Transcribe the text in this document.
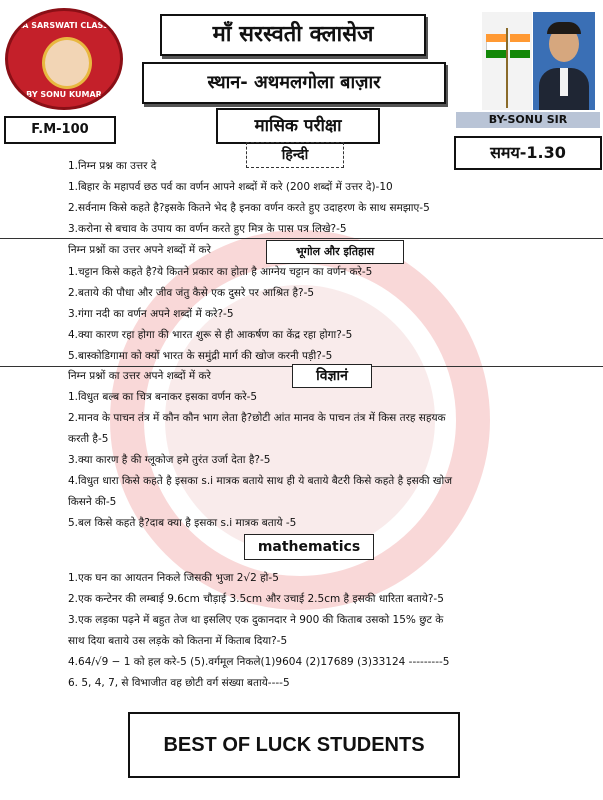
MAA SARSWATI CLASSES
BY SONU KUMAR
माँ सरस्वती क्लासेज
स्थान- अथमलगोला बाज़ार
F.M-100	मासिक परीक्षा	BY-SONU SIR
समय-1.30
हिन्दी
1.निम्न प्रश्न का उत्तर दे
1.बिहार के महापर्व छठ पर्व का वर्णन आपने शब्दों में करे (200 शब्दों में उत्तर दे)-10
2.सर्वनाम किसे कहते है?इसके कितने भेद है इनका वर्णन करते हुए उदाहरण के साथ समझाए-5
3.करोना से बचाव के उपाय का वर्णन करते हुए मित्र के पास पत्र लिखे?-5
निम्न प्रश्नों का उत्तर अपने शब्दों में करे	भूगोल और इतिहास
1.चट्टान किसे कहते है?ये कितने प्रकार का होता है आग्नेय चट्टान का वर्णन करे-5
2.बताये की पौधा और जीव जंतु कैसे एक दुसरे पर आश्रित है?-5
3.गंगा नदी का वर्णन अपने शब्दों में करे?-5
4.क्या कारण रहा होगा की भारत शुरू से ही आकर्षण का केंद्र रहा होगा?-5
5.बास्कोडिगामा को क्यों भारत के समुंद्री मार्ग की खोज करनी पड़ी?-5
निम्न प्रश्नों का उत्तर अपने शब्दों में करे	विज्ञानं
1.विधुत बल्ब का चित्र बनाकर इसका वर्णन करे-5
2.मानव के पाचन तंत्र में कौन कौन भाग लेता है?छोटी आंत मानव के पाचन तंत्र में किस तरह सहयक
करती है-5
3.क्या कारण है की ग्लूकोज हमे तुरंत उर्जा देता है?-5
4.विधुत धारा किसे कहते है इसका s.i मात्रक बताये साथ ही ये बताये बैटरी किसे कहते है इसकी खोज
किसने की-5
5.बल किसे कहते है?दाब क्या है इसका s.i मात्रक बताये -5
mathematics
1.एक घन का आयतन निकले जिसकी भुजा 2√2 हो-5
2.एक कन्टेनर की लम्बाई 9.6cm चौड़ाई 3.5cm और उचाई 2.5cm है इसकी धारिता बताये?-5
3.एक लड़का पढ़ने में बहुत तेज था इसलिए एक दुकानदार ने 900 की किताब उसको 15% छुट के
साथ दिया बताये उस लड़के को कितना में किताब दिया?-5
4.64/√9 − 1 को हल करे-5 (5).वर्गमूल निकले(1)9604 (2)17689 (3)33124 ---------5
6. 5, 4, 7, से विभाजीत वह छोटी वर्ग संख्या बताये----5
BEST OF LUCK STUDENTS
